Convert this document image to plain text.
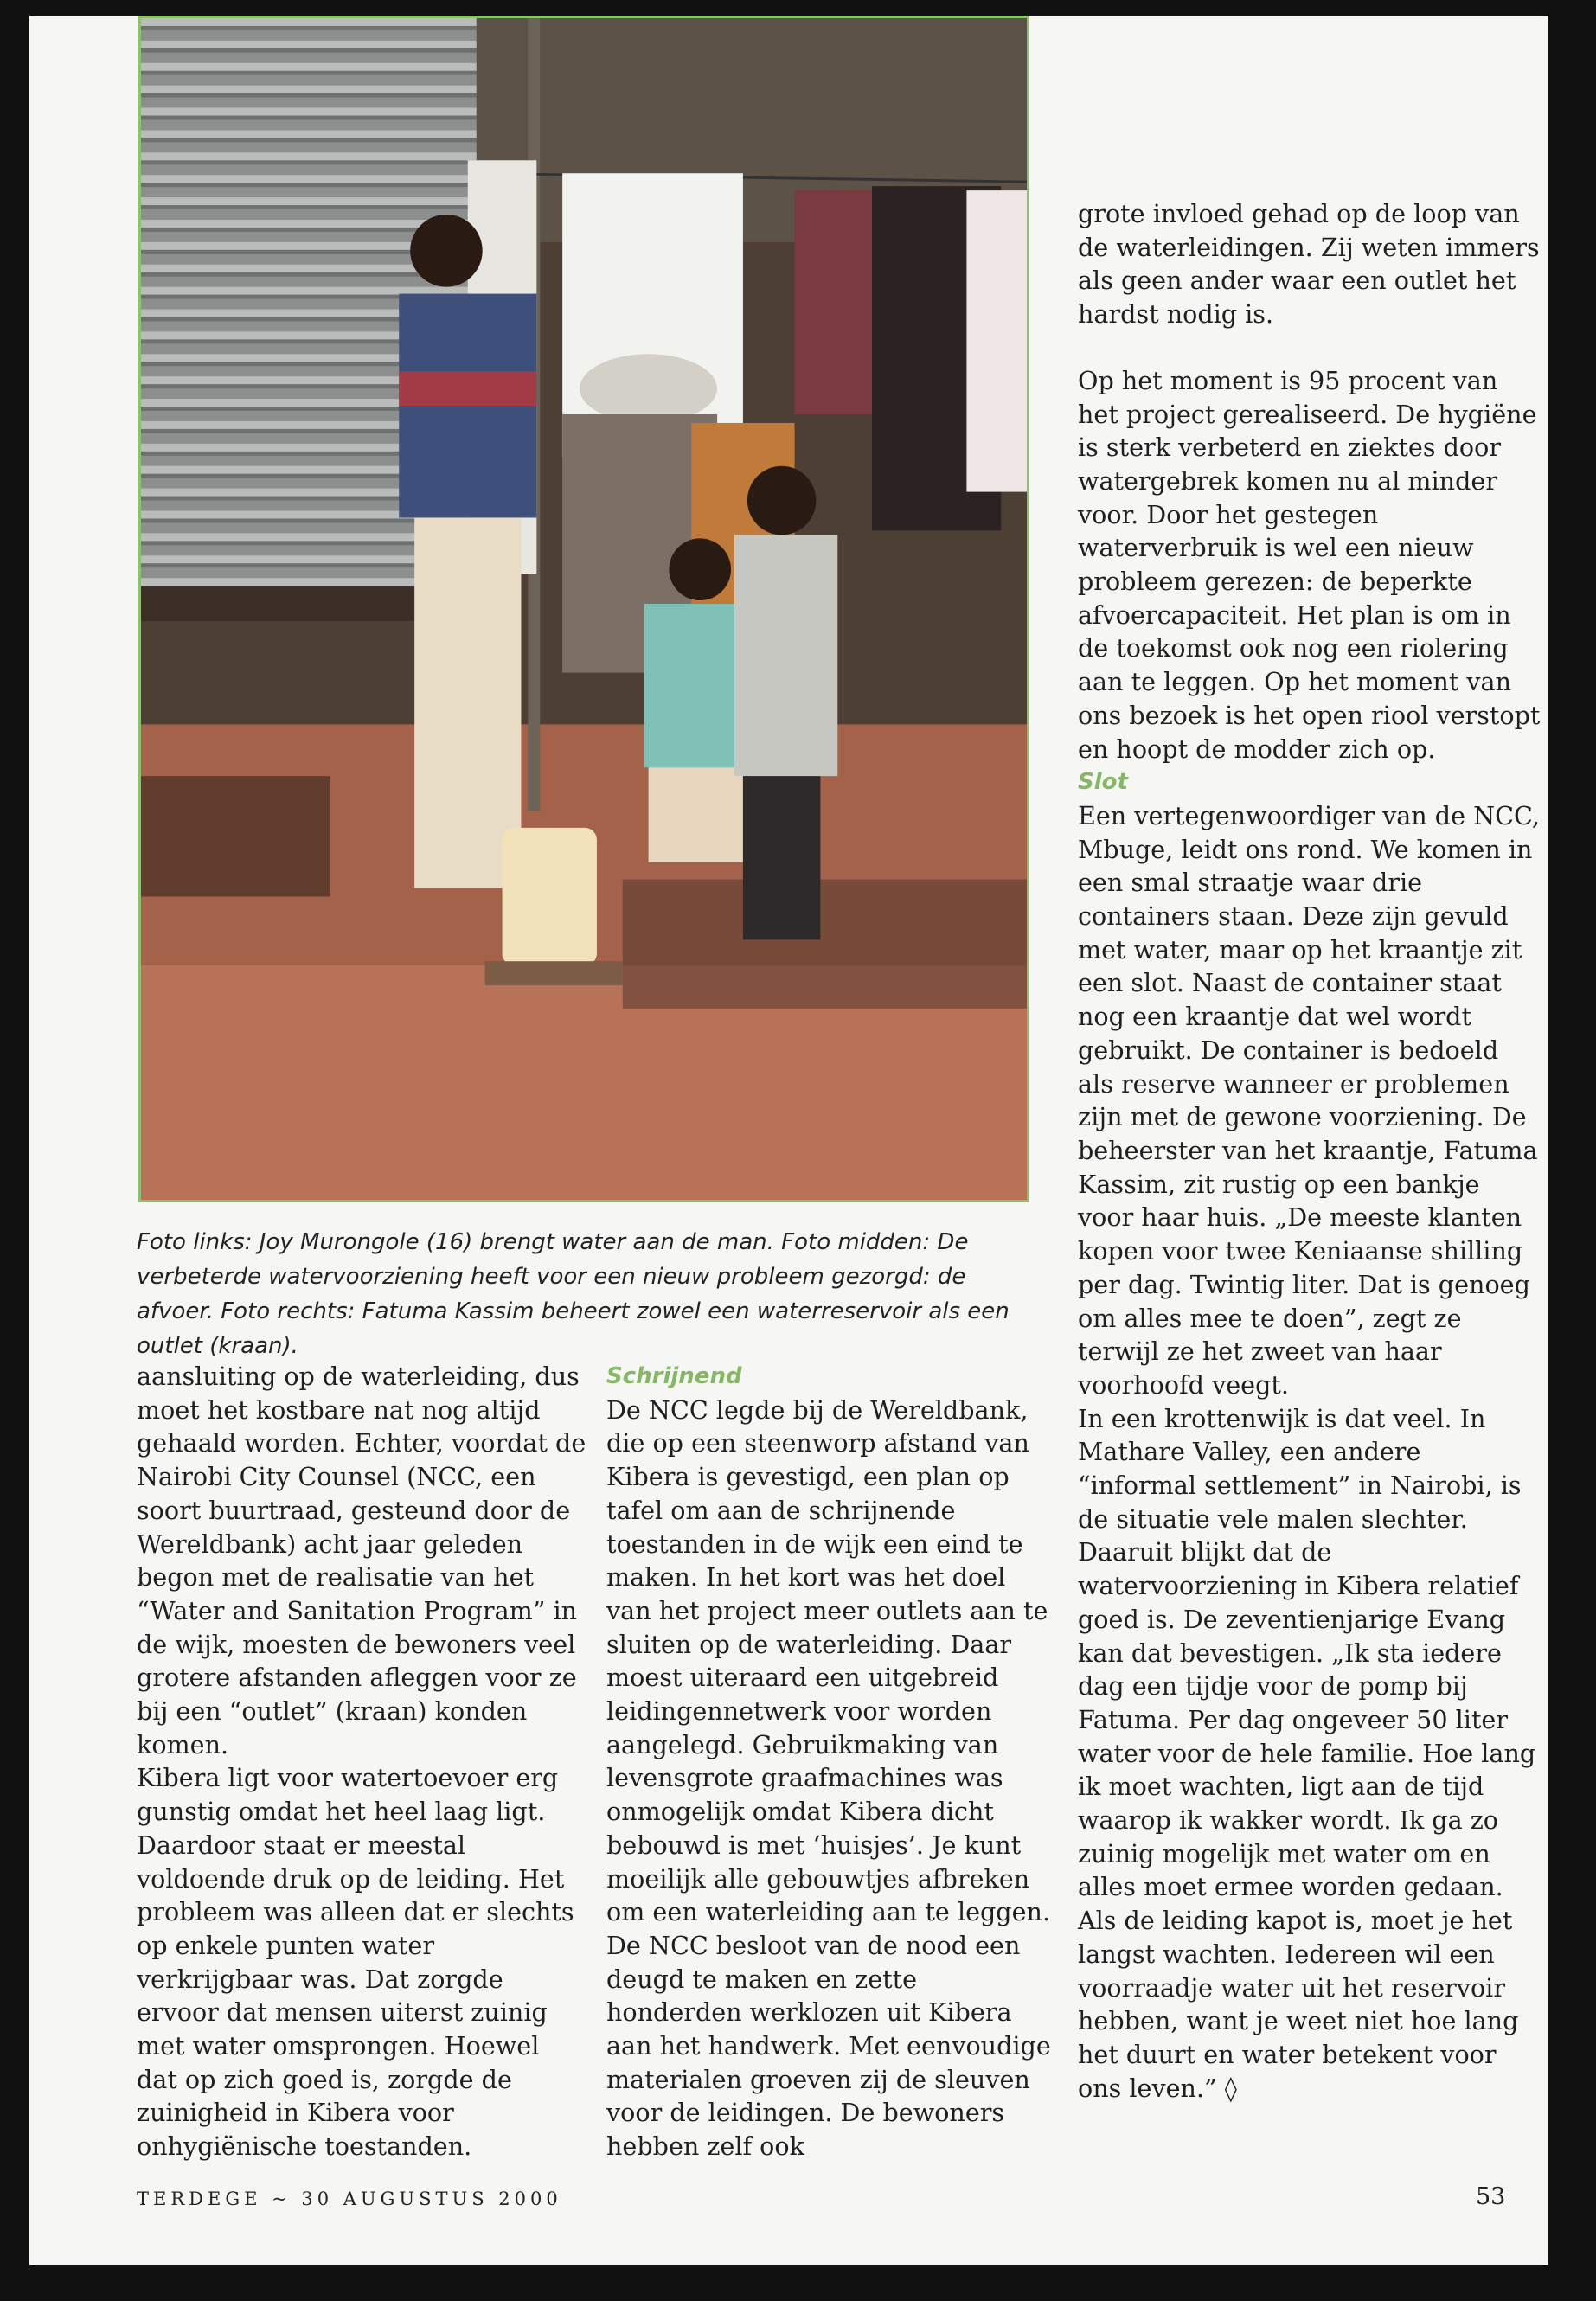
Foto links: Joy Murongole (16) brengt water aan de man. Foto midden: De verbeterde watervoorziening heeft voor een nieuw probleem gezorgd: de afvoer. Foto rechts: Fatuma Kassim beheert zowel een waterreservoir als een outlet (kraan).

aansluiting op de waterleiding, dus moet het kostbare nat nog altijd gehaald worden. Echter, voordat de Nairobi City Counsel (NCC, een soort buurtraad, gesteund door de Wereldbank) acht jaar geleden begon met de realisatie van het “Water and Sanitation Program” in de wijk, moesten de bewoners veel grotere afstanden afleggen voor ze bij een “outlet” (kraan) konden komen.

Kibera ligt voor watertoevoer erg gunstig omdat het heel laag ligt. Daardoor staat er meestal voldoende druk op de leiding. Het probleem was alleen dat er slechts op enkele punten water verkrijgbaar was. Dat zorgde ervoor dat mensen uiterst zuinig met water omsprongen. Hoewel dat op zich goed is, zorgde de zuinigheid in Kibera voor onhygiënische toestanden.

Schrijnend

De NCC legde bij de Wereldbank, die op een steenworp afstand van Kibera is gevestigd, een plan op tafel om aan de schrijnende toestanden in de wijk een eind te maken. In het kort was het doel van het project meer outlets aan te sluiten op de waterleiding. Daar moest uiteraard een uitgebreid leidingennetwerk voor worden aangelegd. Gebruikmaking van levensgrote graafmachines was onmogelijk omdat Kibera dicht bebouwd is met ‘huisjes’. Je kunt moeilijk alle gebouwtjes afbreken om een waterleiding aan te leggen. De NCC besloot van de nood een deugd te maken en zette honderden werklozen uit Kibera aan het handwerk. Met eenvoudige materialen groeven zij de sleuven voor de leidingen. De bewoners hebben zelf ook

grote invloed gehad op de loop van de waterleidingen. Zij weten immers als geen ander waar een outlet het hardst nodig is.

Op het moment is 95 procent van het project gerealiseerd. De hygiëne is sterk verbeterd en ziektes door watergebrek komen nu al minder voor. Door het gestegen waterverbruik is wel een nieuw probleem gerezen: de beperkte afvoercapaciteit. Het plan is om in de toekomst ook nog een riolering aan te leggen. Op het moment van ons bezoek is het open riool verstopt en hoopt de modder zich op.

Slot

Een vertegenwoordiger van de NCC, Mbuge, leidt ons rond. We komen in een smal straatje waar drie containers staan. Deze zijn gevuld met water, maar op het kraantje zit een slot. Naast de container staat nog een kraantje dat wel wordt gebruikt. De container is bedoeld als reserve wanneer er problemen zijn met de gewone voorziening. De beheerster van het kraantje, Fatuma Kassim, zit rustig op een bankje voor haar huis. „De meeste klanten kopen voor twee Keniaanse shilling per dag. Twintig liter. Dat is genoeg om alles mee te doen”, zegt ze terwijl ze het zweet van haar voorhoofd veegt.

In een krottenwijk is dat veel. In Mathare Valley, een andere “informal settlement” in Nairobi, is de situatie vele malen slechter. Daaruit blijkt dat de watervoorziening in Kibera relatief goed is. De zeventienjarige Evang kan dat bevestigen. „Ik sta iedere dag een tijdje voor de pomp bij Fatuma. Per dag ongeveer 50 liter water voor de hele familie. Hoe lang ik moet wachten, ligt aan de tijd waarop ik wakker wordt. Ik ga zo zuinig mogelijk met water om en alles moet ermee worden gedaan. Als de leiding kapot is, moet je het langst wachten. Iedereen wil een voorraadje water uit het reservoir hebben, want je weet niet hoe lang het duurt en water betekent voor ons leven.” ◊

TERDEGE ~ 30 AUGUSTUS 2000	53
